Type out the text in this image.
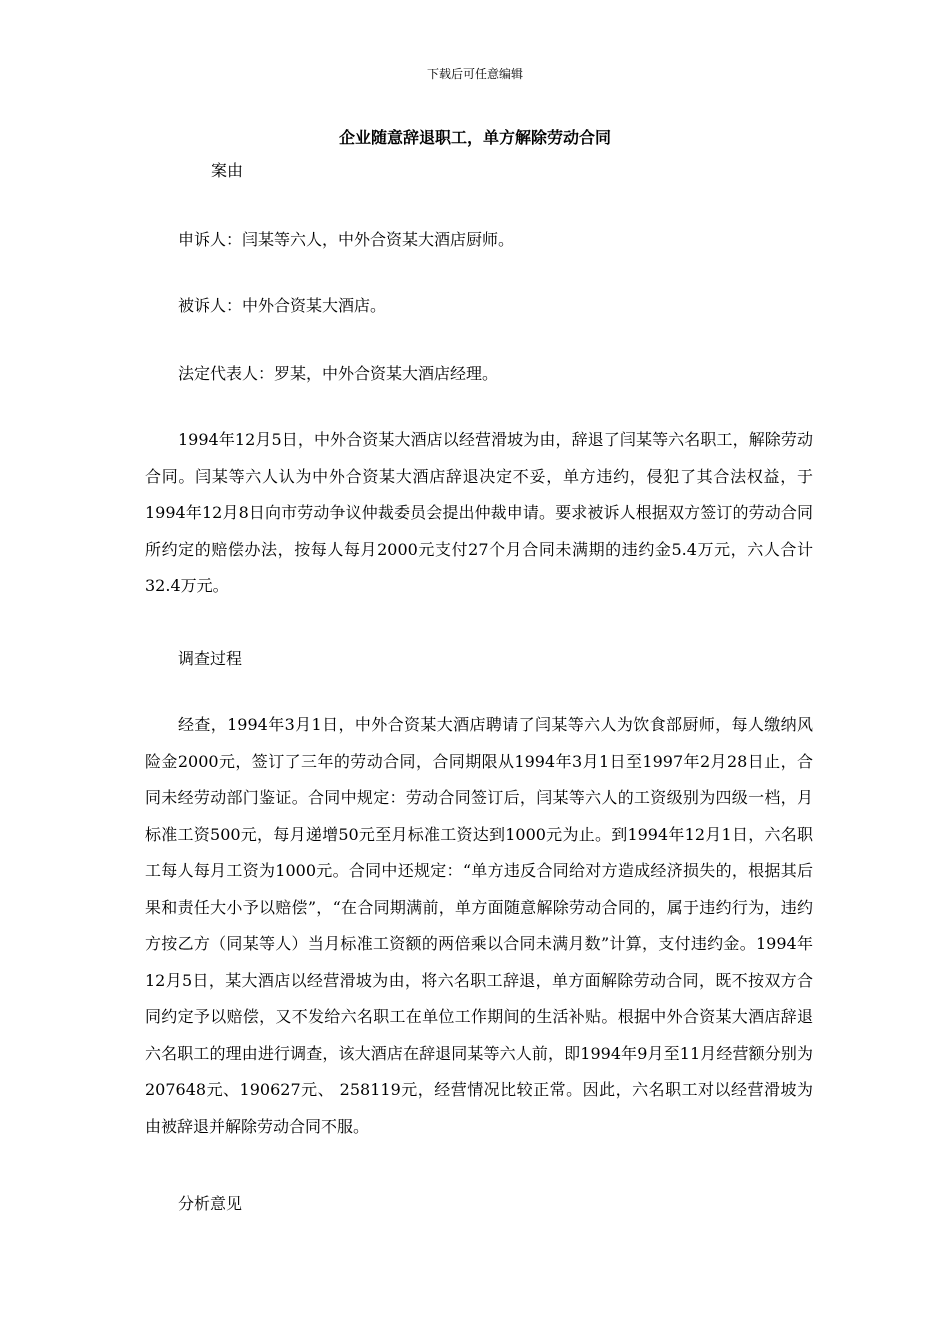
下载后可任意编辑
企业随意辞退职工，单方解除劳动合同
案由
申诉人：闫某等六人，中外合资某大酒店厨师。
被诉人：中外合资某大酒店。
法定代表人：罗某，中外合资某大酒店经理。

1994年12月5日，中外合资某大酒店以经营滑坡为由，辞退了闫某等六名职工，解除劳动合同。闫某等六人认为中外合资某大酒店辞退决定不妥，单方违约，侵犯了其合法权益，于1994年12月8日向市劳动争议仲裁委员会提出仲裁申请。要求被诉人根据双方签订的劳动合同所约定的赔偿办法，按每人每月2000元支付27个月合同未满期的违约金5.4万元，六人合计32.4万元。

调查过程

经查，1994年3月1日，中外合资某大酒店聘请了闫某等六人为饮食部厨师，每人缴纳风险金2000元，签订了三年的劳动合同，合同期限从1994年3月1日至1997年2月28日止，合同未经劳动部门鉴证。合同中规定：劳动合同签订后，闫某等六人的工资级别为四级一档，月标准工资500元，每月递增50元至月标准工资达到1000元为止。到1994年12月1日，六名职工每人每月工资为1000元。合同中还规定：“单方违反合同给对方造成经济损失的，根据其后果和责任大小予以赔偿”，“在合同期满前，单方面随意解除劳动合同的，属于违约行为，违约方按乙方（同某等人）当月标准工资额的两倍乘以合同未满月数”计算，支付违约金。1994年12月5日，某大酒店以经营滑坡为由，将六名职工辞退，单方面解除劳动合同，既不按双方合同约定予以赔偿，又不发给六名职工在单位工作期间的生活补贴。根据中外合资某大酒店辞退六名职工的理由进行调查，该大酒店在辞退同某等六人前，即1994年9月至11月经营额分别为207648元、190627元、 258119元，经营情况比较正常。因此，六名职工对以经营滑坡为由被辞退并解除劳动合同不服。

分析意见
